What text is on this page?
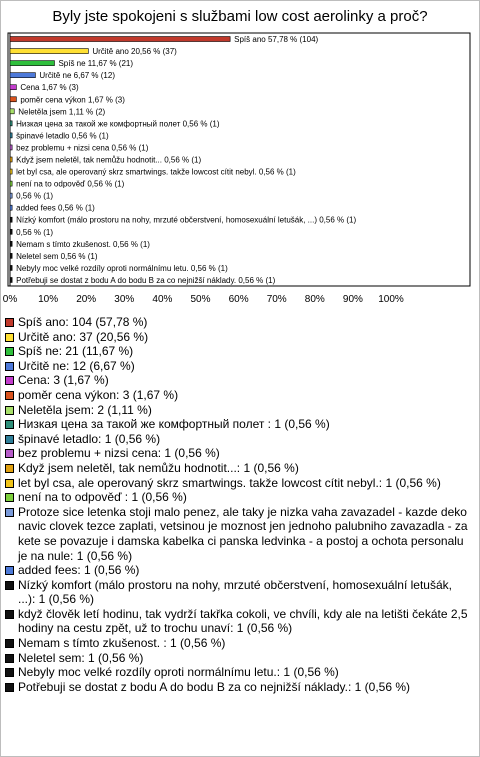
Byly jste spokojeni s službami low cost aerolinky a proč?
Spíš ano 57,78 % (104)
Určitě ano 20,56 % (37)
Spíš ne 11,67 % (21)
Určitě ne 6,67 % (12)
Cena 1,67 % (3)
poměr cena výkon 1,67 % (3)
Neletěla jsem 1,11 % (2)
Низкая цена за такой же комфортный полет 0,56 % (1)
špinavé letadlo 0,56 % (1)
bez problemu + nizsi cena 0,56 % (1)
Když jsem neletěl, tak nemůžu hodnotit... 0,56 % (1)
let byl csa, ale operovaný skrz smartwings. takže lowcost cítit nebyl. 0,56 % (1)
není na to odpověď 0,56 % (1)
0,56 % (1)
added fees 0,56 % (1)
Nízký komfort (málo prostoru na nohy, mrzuté občerstvení, homosexuální letušák, ...) 0,56 % (1)
0,56 % (1)
Nemam s tímto zkušenost. 0,56 % (1)
Neletel sem 0,56 % (1)
Nebyly moc velké rozdíly oproti normálnímu letu. 0,56 % (1)
Potřebuji se dostat z bodu A do bodu B za co nejnižší náklady. 0,56 % (1)
0% 10% 20% 30% 40% 50% 60% 70% 80% 90% 100%
Spíš ano: 104 (57,78 %)
Určitě ano: 37 (20,56 %)
Spíš ne: 21 (11,67 %)
Určitě ne: 12 (6,67 %)
Cena: 3 (1,67 %)
poměr cena výkon: 3 (1,67 %)
Neletěla jsem: 2 (1,11 %)
Низкая цена за такой же комфортный полет : 1 (0,56 %)
špinavé letadlo: 1 (0,56 %)
bez problemu + nizsi cena: 1 (0,56 %)
Když jsem neletěl, tak nemůžu hodnotit...: 1 (0,56 %)
let byl csa, ale operovaný skrz smartwings. takže lowcost cítit nebyl.: 1 (0,56 %)
není na to odpověď : 1 (0,56 %)
Protoze sice letenka stoji malo penez, ale taky je nizka vaha zavazadel - kazde deko navic clovek tezce zaplati, vetsinou je moznost jen jednoho palubniho zavazadla - za kete se povazuje i damska kabelka ci panska ledvinka - a postoj a ochota personalu je na nule: 1 (0,56 %)
added fees: 1 (0,56 %)
Nízký komfort (málo prostoru na nohy, mrzuté občerstvení, homosexuální letušák, ...): 1 (0,56 %)
když člověk letí hodinu, tak vydrží takřka cokoli, ve chvíli, kdy ale na letišti čekáte 2,5 hodiny na cestu zpět, už to trochu unaví: 1 (0,56 %)
Nemam s tímto zkušenost. : 1 (0,56 %)
Neletel sem: 1 (0,56 %)
Nebyly moc velké rozdíly oproti normálnímu letu.: 1 (0,56 %)
Potřebuji se dostat z bodu A do bodu B za co nejnižší náklady.: 1 (0,56 %)
